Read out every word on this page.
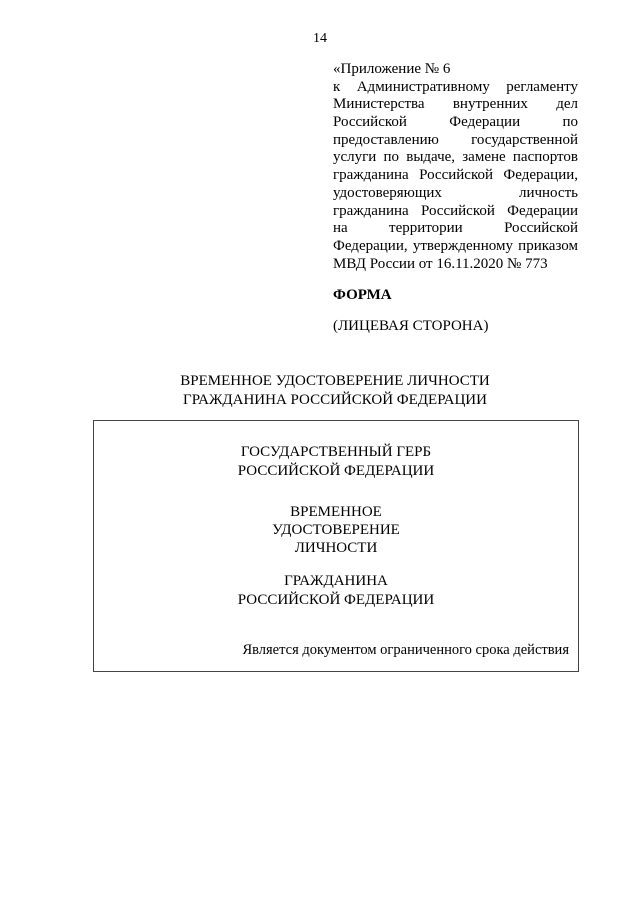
14
«Приложение № 6
к Административному регламенту
Министерства внутренних дел
Российской Федерации по
предоставлению государственной
услуги по выдаче, замене паспортов
гражданина Российской Федерации,
удостоверяющих личность
гражданина Российской Федерации
на территории Российской
Федерации, утвержденному приказом
МВД России от 16.11.2020 № 773
ФОРМА
(ЛИЦЕВАЯ СТОРОНА)
ВРЕМЕННОЕ УДОСТОВЕРЕНИЕ ЛИЧНОСТИ
ГРАЖДАНИНА РОССИЙСКОЙ ФЕДЕРАЦИИ
ГОСУДАРСТВЕННЫЙ ГЕРБ
РОССИЙСКОЙ ФЕДЕРАЦИИ
ВРЕМЕННОЕ
УДОСТОВЕРЕНИЕ
ЛИЧНОСТИ
ГРАЖДАНИНА
РОССИЙСКОЙ ФЕДЕРАЦИИ
Является документом ограниченного срока действия
